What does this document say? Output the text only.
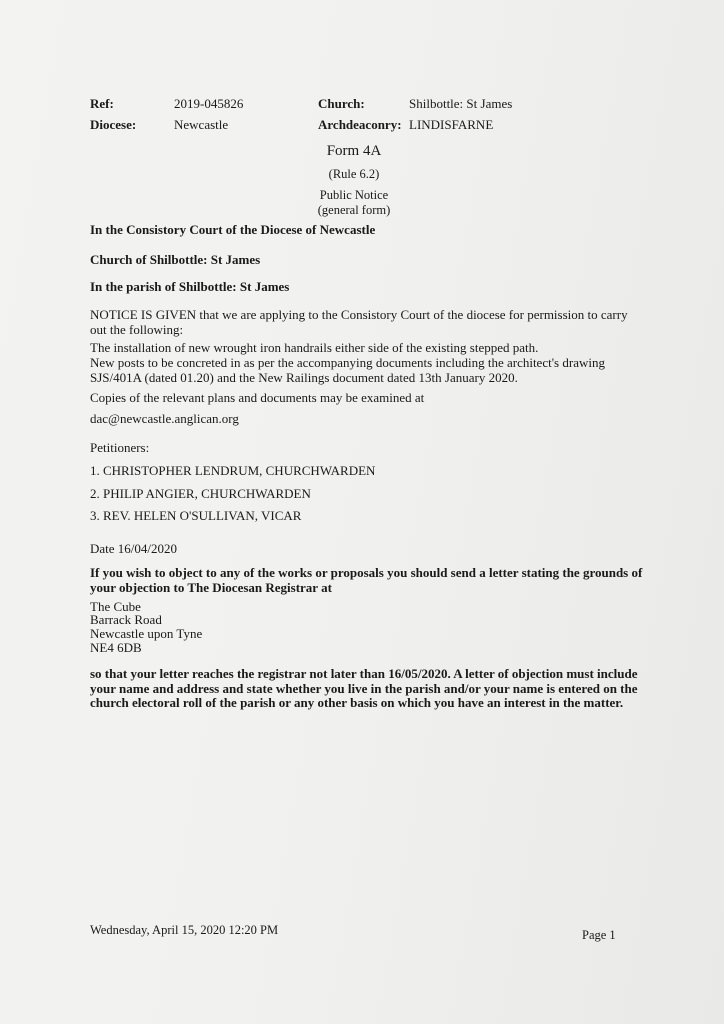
Ref:	2019-045826	Church:	Shilbottle: St James
Diocese:	Newcastle	Archdeaconry: LINDISFARNE
Form 4A
(Rule 6.2)
Public Notice
(general form)
In the Consistory Court of the Diocese of Newcastle
Church of Shilbottle: St James
In the parish of Shilbottle: St James
NOTICE IS GIVEN that we are applying to the Consistory Court of the diocese for permission to carry
out the following:
The installation of new wrought iron handrails either side of the existing stepped path.
New posts to be concreted in as per the accompanying documents including the architect's drawing
SJS/401A (dated 01.20) and the New Railings document dated 13th January 2020.
Copies of the relevant plans and documents may be examined at
dac@newcastle.anglican.org
Petitioners:
1. CHRISTOPHER LENDRUM, CHURCHWARDEN
2. PHILIP ANGIER, CHURCHWARDEN
3. REV. HELEN O'SULLIVAN, VICAR
Date 16/04/2020
If you wish to object to any of the works or proposals you should send a letter stating the grounds of
your objection to The Diocesan Registrar at
The Cube
Barrack Road
Newcastle upon Tyne
NE4 6DB
so that your letter reaches the registrar not later than 16/05/2020. A letter of objection must include
your name and address and state whether you live in the parish and/or your name is entered on the
church electoral roll of the parish or any other basis on which you have an interest in the matter.
Wednesday, April 15, 2020 12:20 PM	Page 1
